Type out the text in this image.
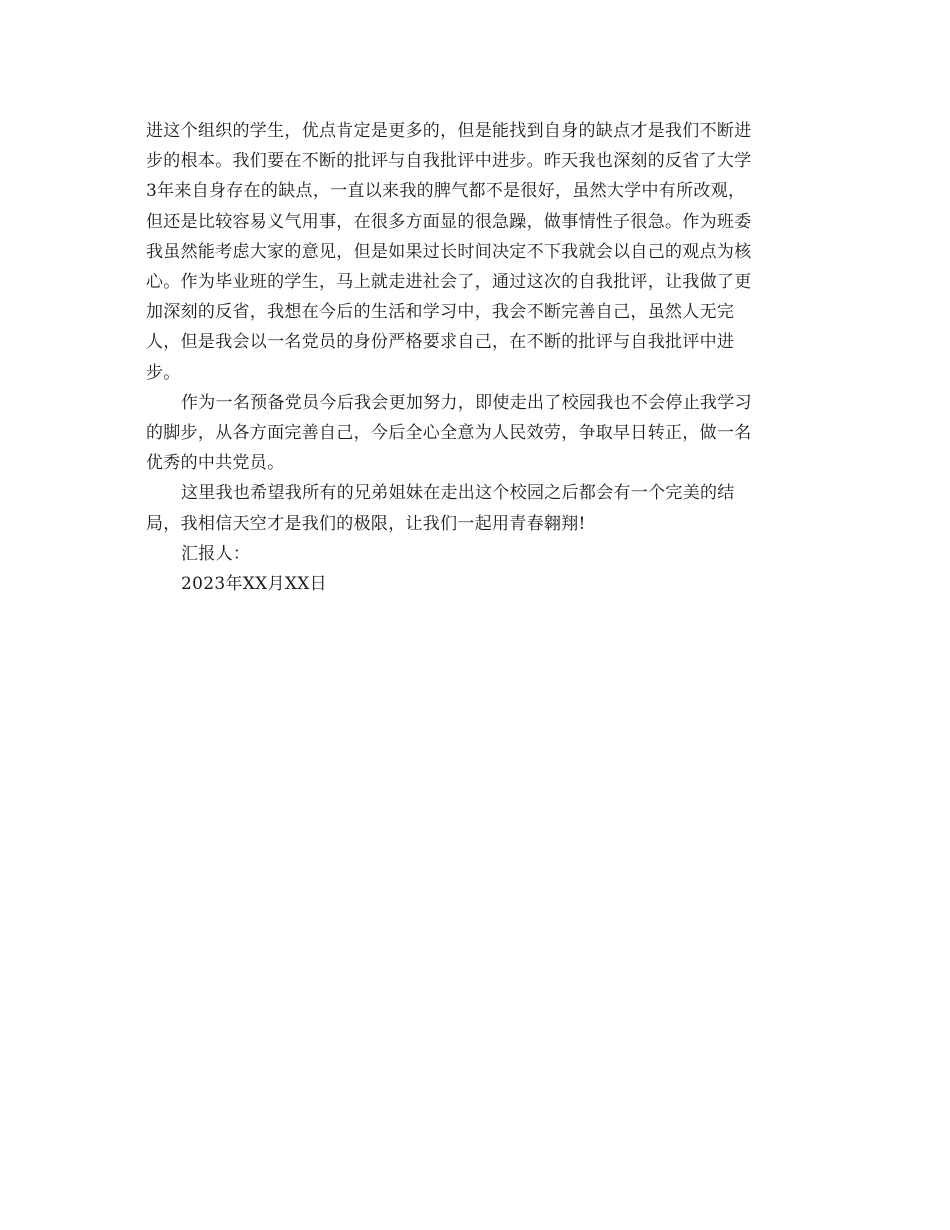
进这个组织的学生，优点肯定是更多的，但是能找到自身的缺点才是我们不断进
步的根本。我们要在不断的批评与自我批评中进步。昨天我也深刻的反省了大学
3年来自身存在的缺点，一直以来我的脾气都不是很好，虽然大学中有所改观，
但还是比较容易义气用事，在很多方面显的很急躁，做事情性子很急。作为班委
我虽然能考虑大家的意见，但是如果过长时间决定不下我就会以自己的观点为核
心。作为毕业班的学生，马上就走进社会了，通过这次的自我批评，让我做了更
加深刻的反省，我想在今后的生活和学习中，我会不断完善自己，虽然人无完
人，但是我会以一名党员的身份严格要求自己，在不断的批评与自我批评中进
步。
作为一名预备党员今后我会更加努力，即使走出了校园我也不会停止我学习
的脚步，从各方面完善自己，今后全心全意为人民效劳，争取早日转正，做一名
优秀的中共党员。
这里我也希望我所有的兄弟姐妹在走出这个校园之后都会有一个完美的结
局，我相信天空才是我们的极限，让我们一起用青春翱翔!
汇报人：
2023年XX月XX日
